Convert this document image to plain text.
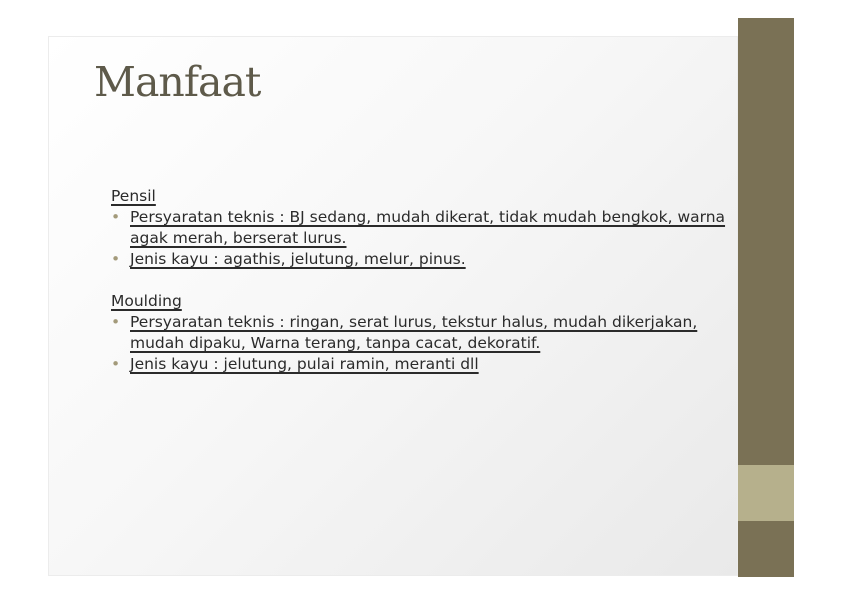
Manfaat
Pensil
• Persyaratan teknis : BJ sedang, mudah dikerat, tidak mudah bengkok, warna agak merah, berserat lurus.
• Jenis kayu : agathis, jelutung, melur, pinus.
Moulding
• Persyaratan teknis : ringan, serat lurus, tekstur halus, mudah dikerjakan, mudah dipaku, Warna terang, tanpa cacat, dekoratif.
• Jenis kayu : jelutung, pulai ramin, meranti dll
